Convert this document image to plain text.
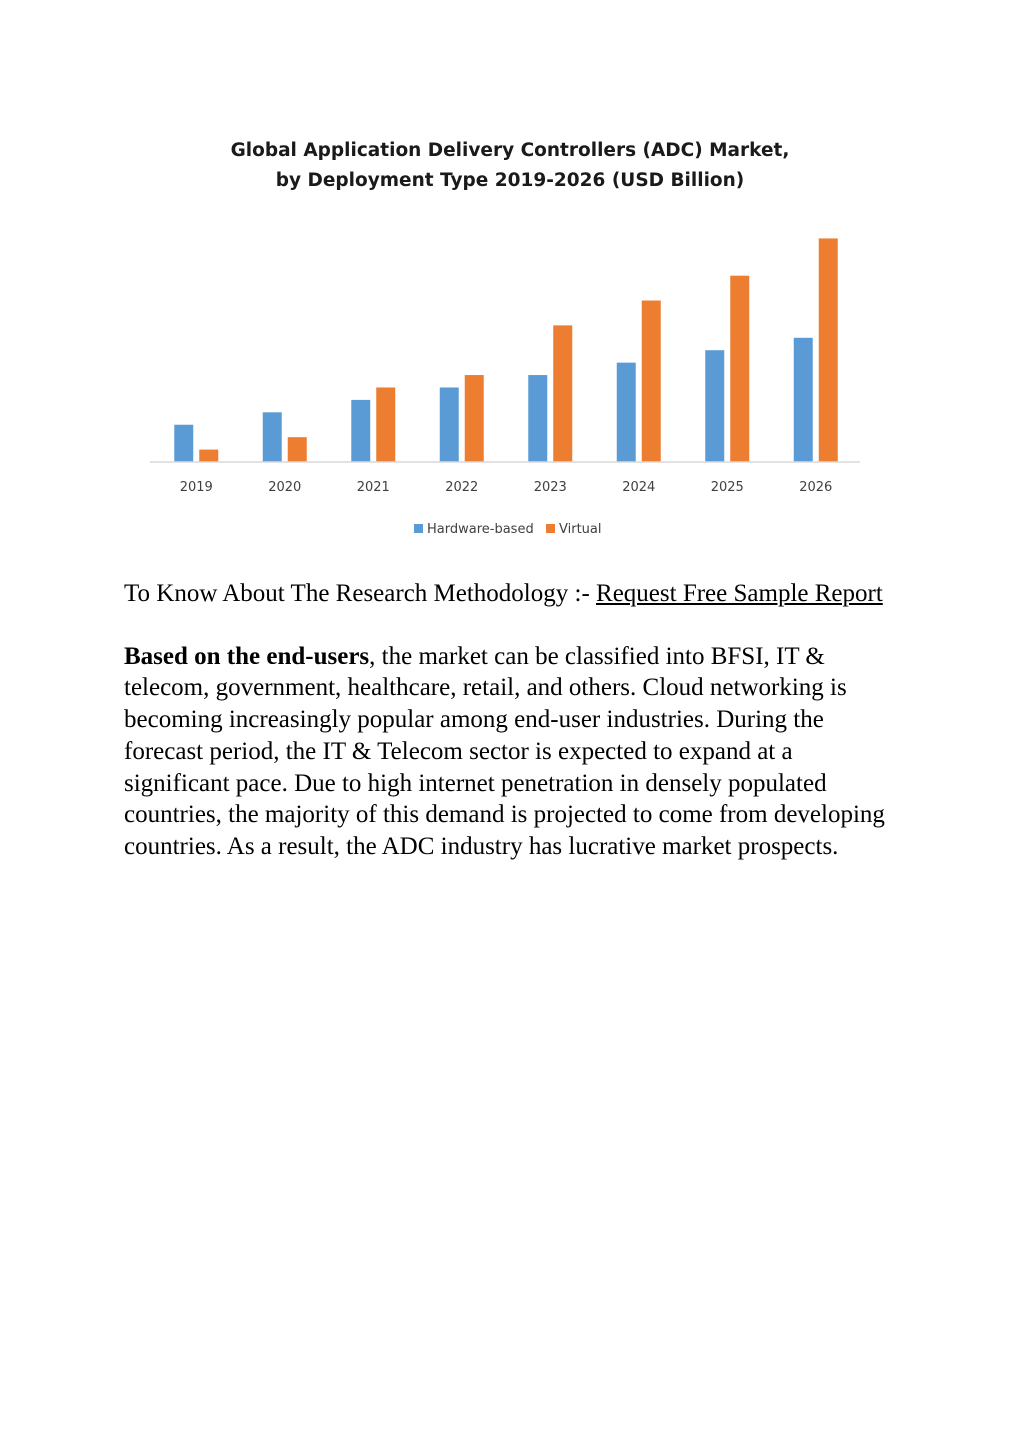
Global Application Delivery Controllers (ADC) Market,
by Deployment Type 2019-2026 (USD Billion)
2019	2020	2021	2022	2023	2024	2025	2026
Hardware-based Virtual

To Know About The Research Methodology :- Request Free Sample Report

Based on the end-users, the market can be classified into BFSI, IT & telecom, government, healthcare, retail, and others. Cloud networking is becoming increasingly popular among end-user industries. During the forecast period, the IT & Telecom sector is expected to expand at a significant pace. Due to high internet penetration in densely populated countries, the majority of this demand is projected to come from developing countries. As a result, the ADC industry has lucrative market prospects.
